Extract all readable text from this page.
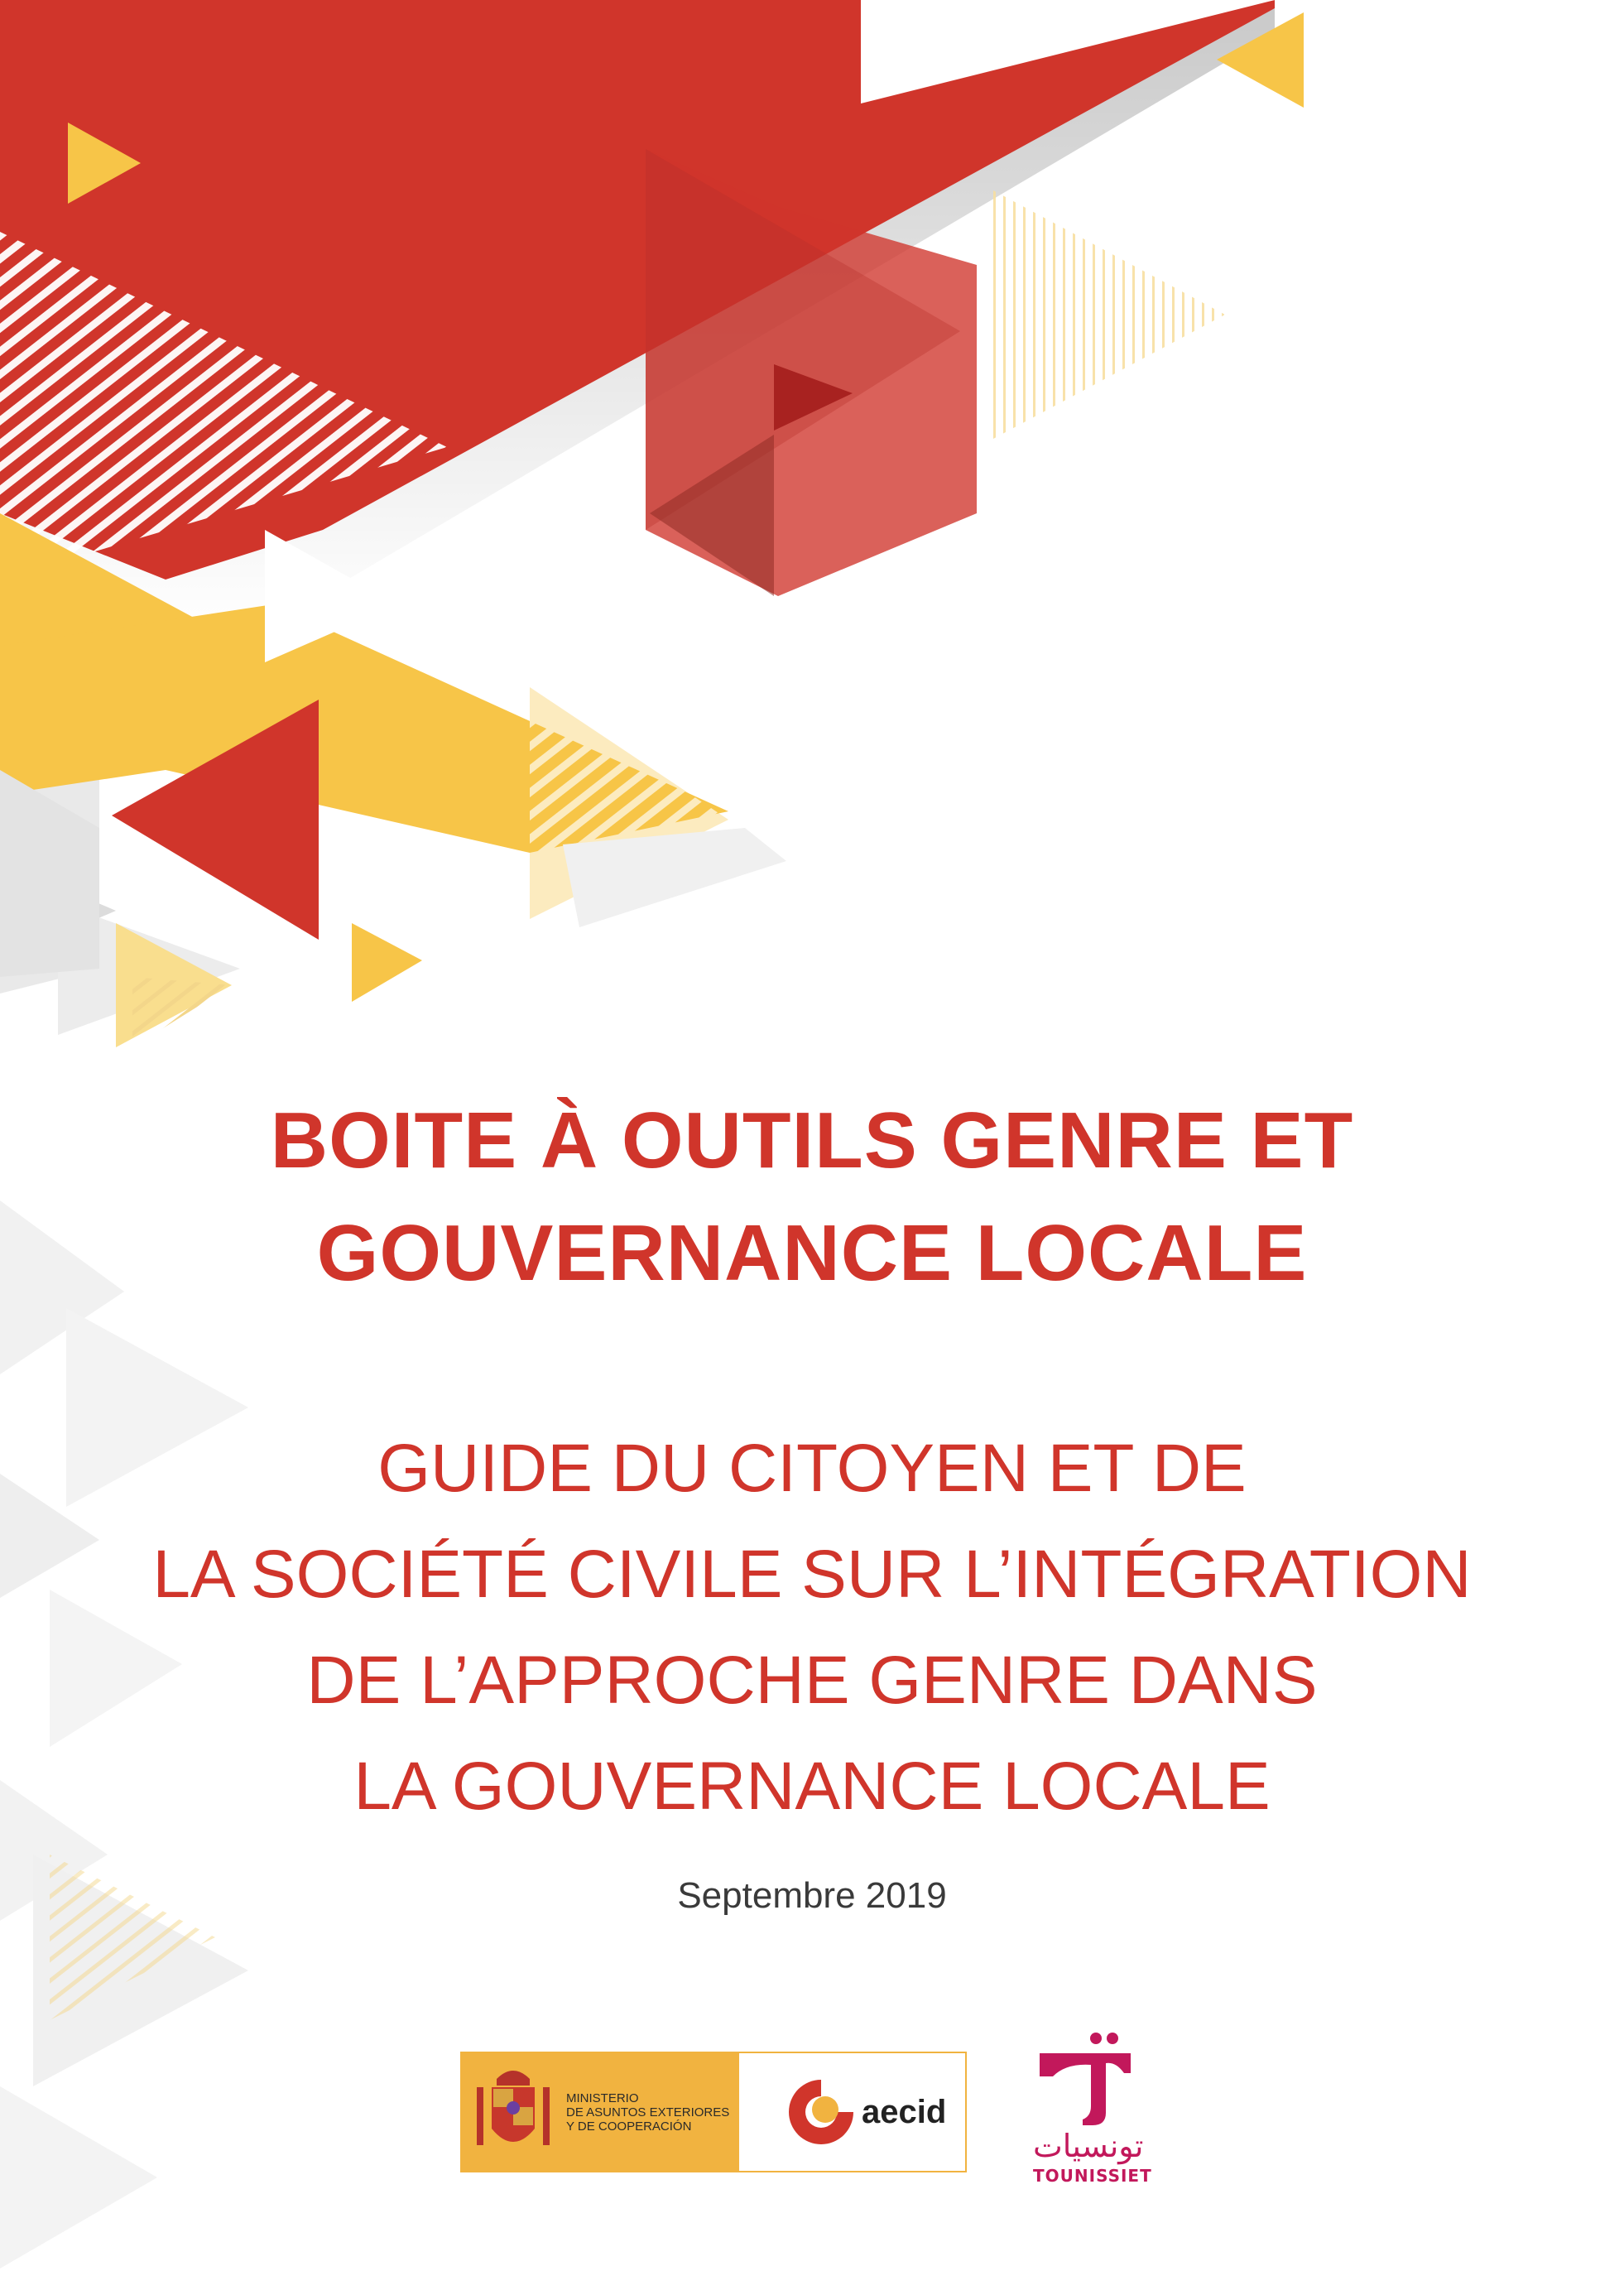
BOITE À OUTILS GENRE ET
GOUVERNANCE LOCALE
GUIDE DU CITOYEN ET DE
LA SOCIÉTÉ CIVILE SUR L’INTÉGRATION
DE L’APPROCHE GENRE DANS
LA GOUVERNANCE LOCALE
Septembre 2019
MINISTERIO
DE ASUNTOS EXTERIORES
Y DE COOPERACIÓN	aecid
تونسيات
TOUNISSIET
